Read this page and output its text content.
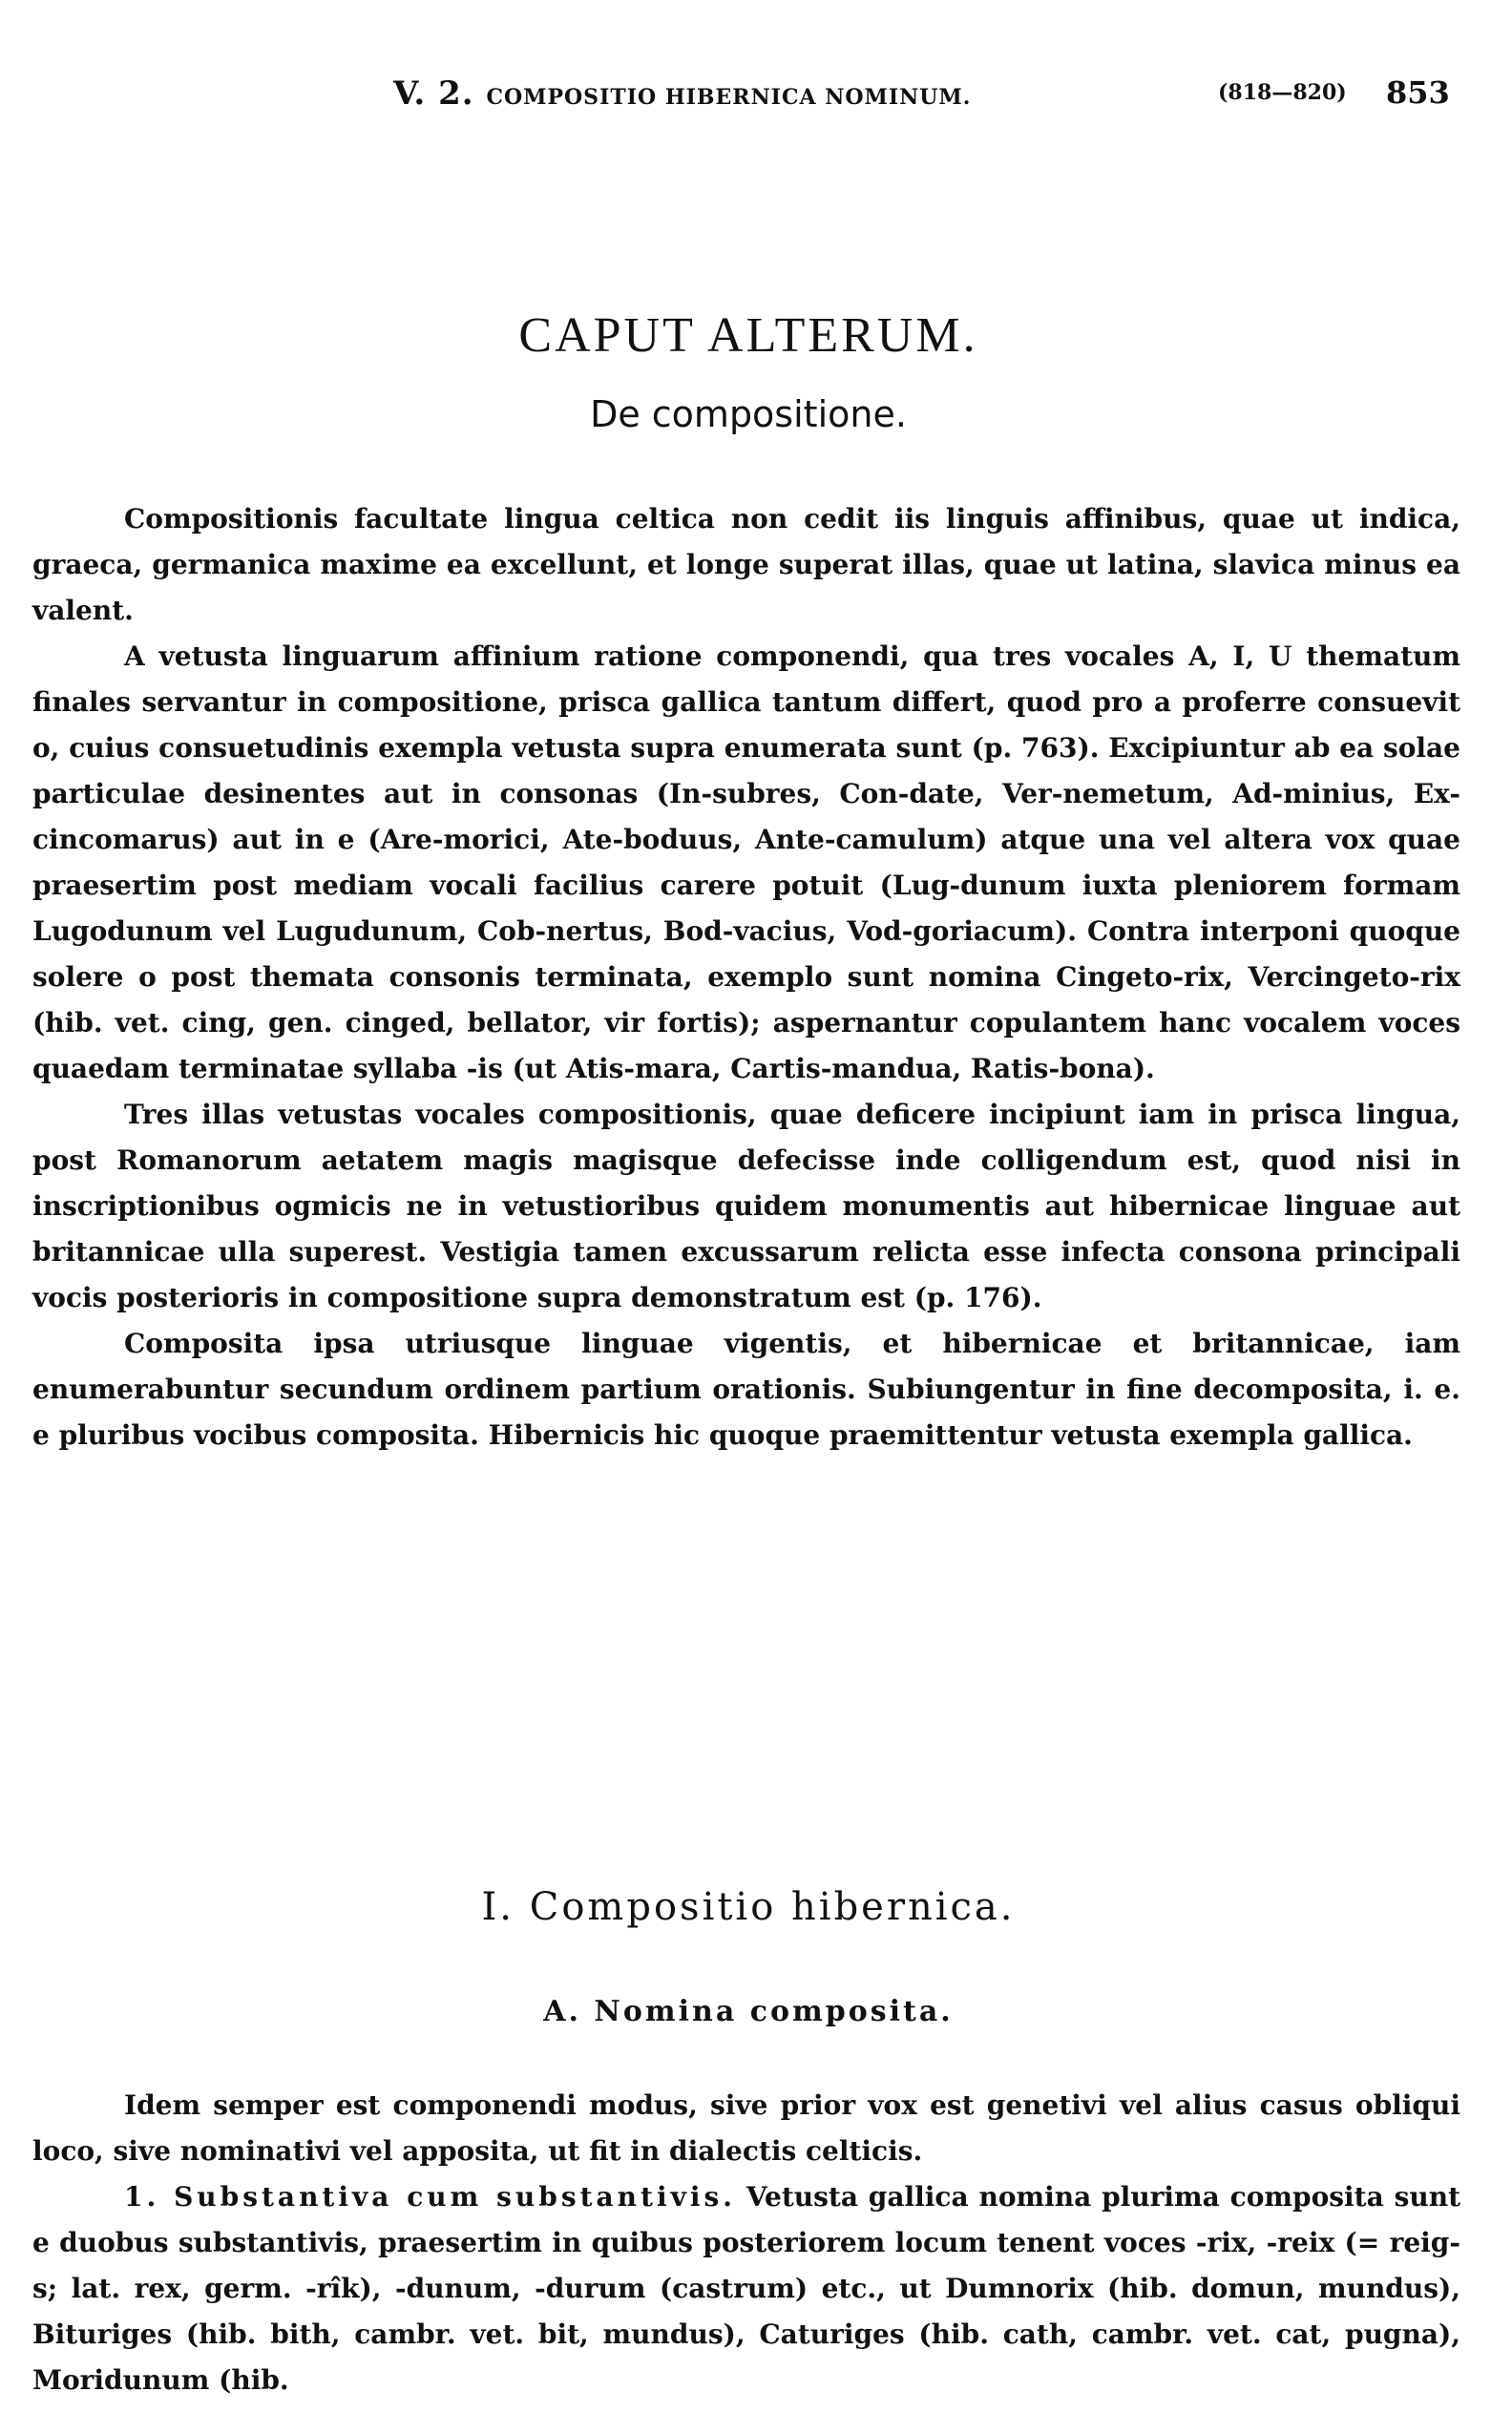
V. 2. COMPOSITIO HIBERNICA NOMINUM.	(818—820) 853
CAPUT ALTERUM.
De compositione.

Compositionis facultate lingua celtica non cedit iis linguis affinibus, quae ut indica, graeca, germanica maxime ea excellunt, et longe superat illas, quae ut latina, slavica minus ea valent.

A vetusta linguarum affinium ratione componendi, qua tres vocales A, I, U thematum finales servantur in compositione, prisca gallica tantum differt, quod pro a proferre consuevit o, cuius consuetudinis exempla vetusta supra enumerata sunt (p. 763). Excipiuntur ab ea solae particulae desinentes aut in consonas (In-subres, Con-date, Ver-nemetum, Ad-minius, Ex-cincomarus) aut in e (Are-morici, Ate-boduus, Ante-camulum) atque una vel altera vox quae praesertim post mediam vocali facilius carere potuit (Lug-dunum iuxta pleniorem formam Lugodunum vel Lugudunum, Cob-nertus, Bod-vacius, Vod-goriacum). Contra interponi quoque solere o post themata consonis terminata, exemplo sunt nomina Cingeto-rix, Vercingeto-rix (hib. vet. cing, gen. cinged, bellator, vir fortis); aspernantur copulantem hanc vocalem voces quaedam terminatae syllaba -is (ut Atis-mara, Cartis-mandua, Ratis-bona).

Tres illas vetustas vocales compositionis, quae deficere incipiunt iam in prisca lingua, post Romanorum aetatem magis magisque defecisse inde colligendum est, quod nisi in inscriptionibus ogmicis ne in vetustioribus quidem monumentis aut hibernicae linguae aut britannicae ulla superest. Vestigia tamen excussarum relicta esse infecta consona principali vocis posterioris in compositione supra demonstratum est (p. 176).

Composita ipsa utriusque linguae vigentis, et hibernicae et britannicae, iam enumerabuntur secundum ordinem partium orationis. Subiungentur in fine decomposita, i. e. e pluribus vocibus composita. Hibernicis hic quoque praemittentur vetusta exempla gallica.

I. Compositio hibernica.
A. Nomina composita.

Idem semper est componendi modus, sive prior vox est genetivi vel alius casus obliqui loco, sive nominativi vel apposita, ut fit in dialectis celticis.

1. Substantiva cum substantivis. Vetusta gallica nomina plurima composita sunt e duobus substantivis, praesertim in quibus posteriorem locum tenent voces -rix, -reix (= reig-s; lat. rex, germ. -rîk), -dunum, -durum (castrum) etc., ut Dumnorix (hib. domun, mundus), Bituriges (hib. bith, cambr. vet. bit, mundus), Caturiges (hib. cath, cambr. vet. cat, pugna), Moridunum (hib.
